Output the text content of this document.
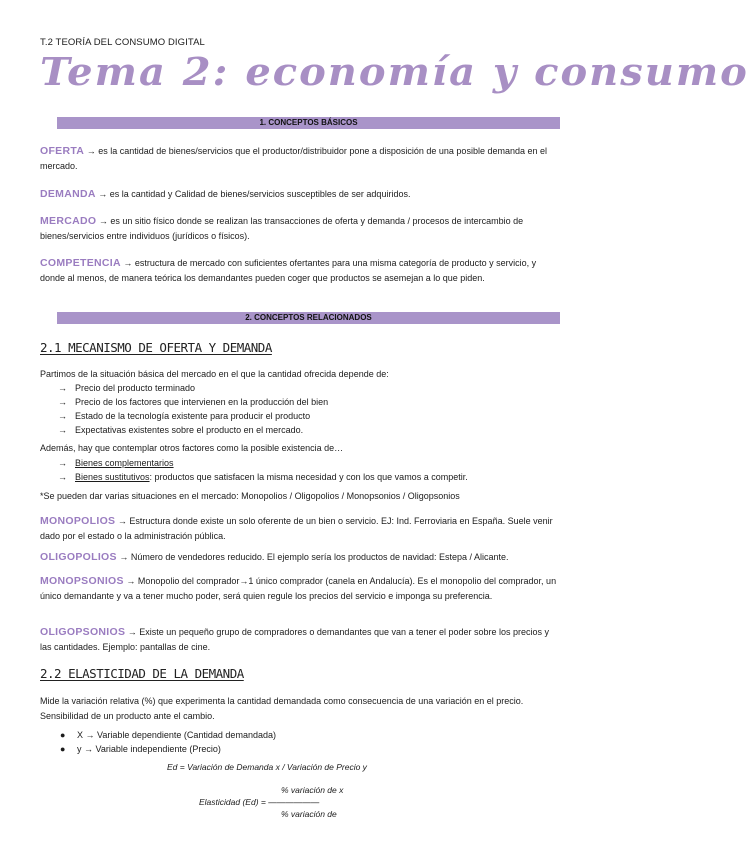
T.2 TEORÍA DEL CONSUMO DIGITAL
Tema 2: economía y consumo
1. CONCEPTOS BÁSICOS
OFERTA → es la cantidad de bienes/servicios que el productor/distribuidor pone a disposición de una posible demanda en el mercado.
DEMANDA → es la cantidad y Calidad de bienes/servicios susceptibles de ser adquiridos.
MERCADO → es un sitio físico donde se realizan las transacciones de oferta y demanda / procesos de intercambio de bienes/servicios entre individuos (jurídicos o físicos).
COMPETENCIA → estructura de mercado con suficientes ofertantes para una misma categoría de producto y servicio, y donde al menos, de manera teórica los demandantes pueden coger que productos se asemejan a lo que piden.
2. CONCEPTOS RELACIONADOS
2.1 MECANISMO DE OFERTA Y DEMANDA
Partimos de la situación básica del mercado en el que la cantidad ofrecida depende de:
→ Precio del producto terminado
→ Precio de los factores que intervienen en la producción del bien
→ Estado de la tecnología existente para producir el producto
→ Expectativas existentes sobre el producto en el mercado.
Además, hay que contemplar otros factores como la posible existencia de…
→ Bienes complementarios
→ Bienes sustitutivos: productos que satisfacen la misma necesidad y con los que vamos a competir.
*Se pueden dar varias situaciones en el mercado: Monopolios / Oligopolios / Monopsonios / Oligopsonios
MONOPOLIOS → Estructura donde existe un solo oferente de un bien o servicio. EJ: Ind. Ferroviaria en España. Suele venir dado por el estado o la administración pública.
OLIGOPOLIOS → Número de vendedores reducido. El ejemplo sería los productos de navidad: Estepa / Alicante.
MONOPSONIOS → Monopolio del comprador→1 único comprador (canela en Andalucía). Es el monopolio del comprador, un único demandante y va a tener mucho poder, será quien regule los precios del servicio e imponga su preferencia.
OLIGOPSONIOS → Existe un pequeño grupo de compradores o demandantes que van a tener el poder sobre los precios y las cantidades. Ejemplo: pantallas de cine.
2.2 ELASTICIDAD DE LA DEMANDA
Mide la variación relativa (%) que experimenta la cantidad demandada como consecuencia de una variación en el precio. Sensibilidad de un producto ante el cambio.
● X → Variable dependiente (Cantidad demandada)
● y → Variable independiente (Precio)
Ed = Variación de Demanda x / Variación de Precio y
% variación de x
Elasticidad (Ed) = ——————
% variación de
